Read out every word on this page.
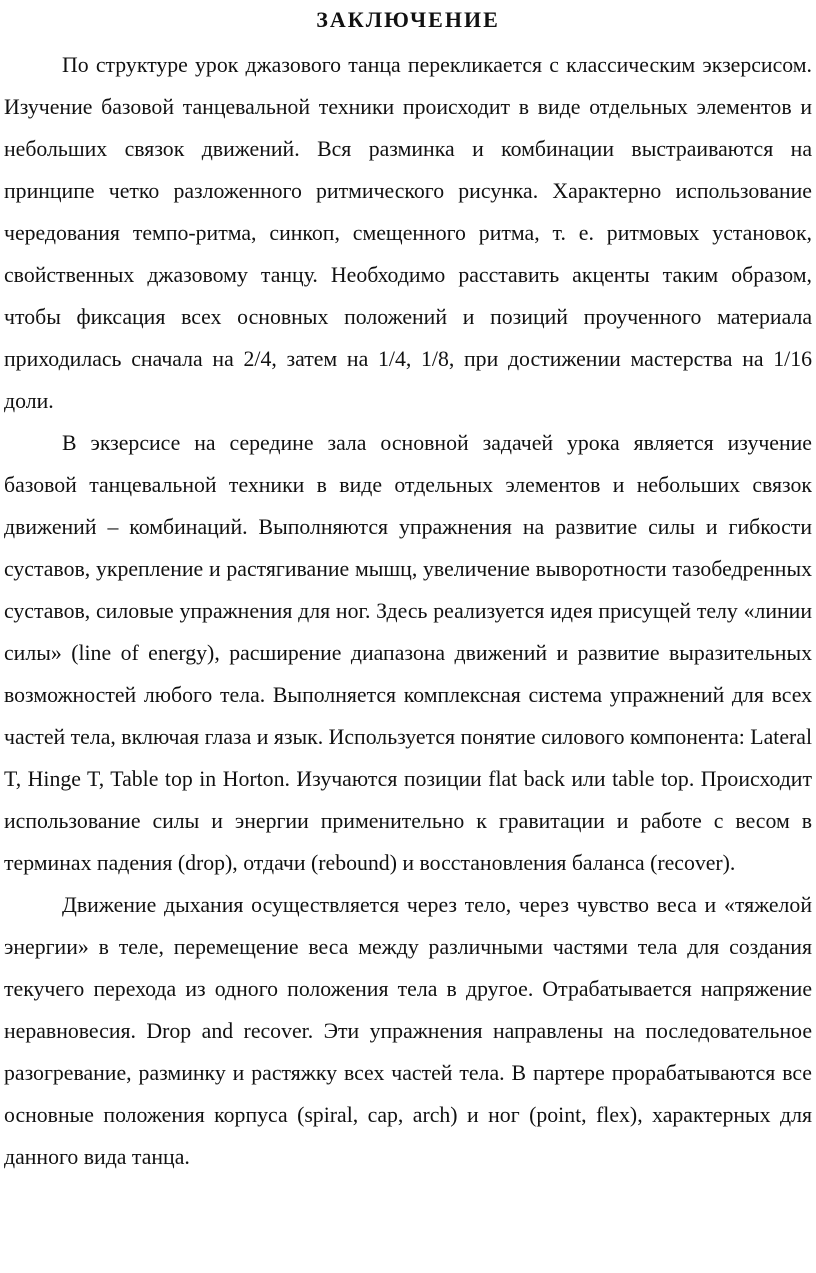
ЗАКЛЮЧЕНИЕ

По структуре урок джазового танца перекликается с классическим экзерсисом. Изучение базовой танцевальной техники происходит в виде отдельных элементов и небольших связок движений. Вся разминка и комбинации выстраиваются на принципе четко разложенного ритмического рисунка. Характерно использование чередования темпо-ритма, синкоп, смещенного ритма, т. е. ритмовых установок, свойственных джазовому танцу. Необходимо расставить акценты таким образом, чтобы фиксация всех основных положений и позиций проученного материала приходилась сначала на 2/4, затем на 1/4, 1/8, при достижении мастерства на 1/16 доли.

В экзерсисе на середине зала основной задачей урока является изучение базовой танцевальной техники в виде отдельных элементов и небольших связок движений – комбинаций. Выполняются упражнения на развитие силы и гибкости суставов, укрепление и растягивание мышц, увеличение выворотности тазобедренных суставов, силовые упражнения для ног. Здесь реализуется идея присущей телу «линии силы» (line of energy), расширение диапазона движений и развитие выразительных возможностей любого тела. Выполняется комплексная система упражнений для всех частей тела, включая глаза и язык. Используется понятие силового компонента: Lateral T, Hinge T, Table top in Horton. Изучаются позиции flat back или table top. Происходит использование силы и энергии применительно к гравитации и работе с весом в терминах падения (drop), отдачи (rebound) и восстановления баланса (recover).

Движение дыхания осуществляется через тело, через чувство веса и «тяжелой энергии» в теле, перемещение веса между различными частями тела для создания текучего перехода из одного положения тела в другое. Отрабатывается напряжение неравновесия. Drop and recover. Эти упражнения направлены на последовательное разогревание, разминку и растяжку всех частей тела. В партере прорабатываются все основные положения корпуса (spiral, cap, arch) и ног (point, flex), характерных для данного вида танца.
